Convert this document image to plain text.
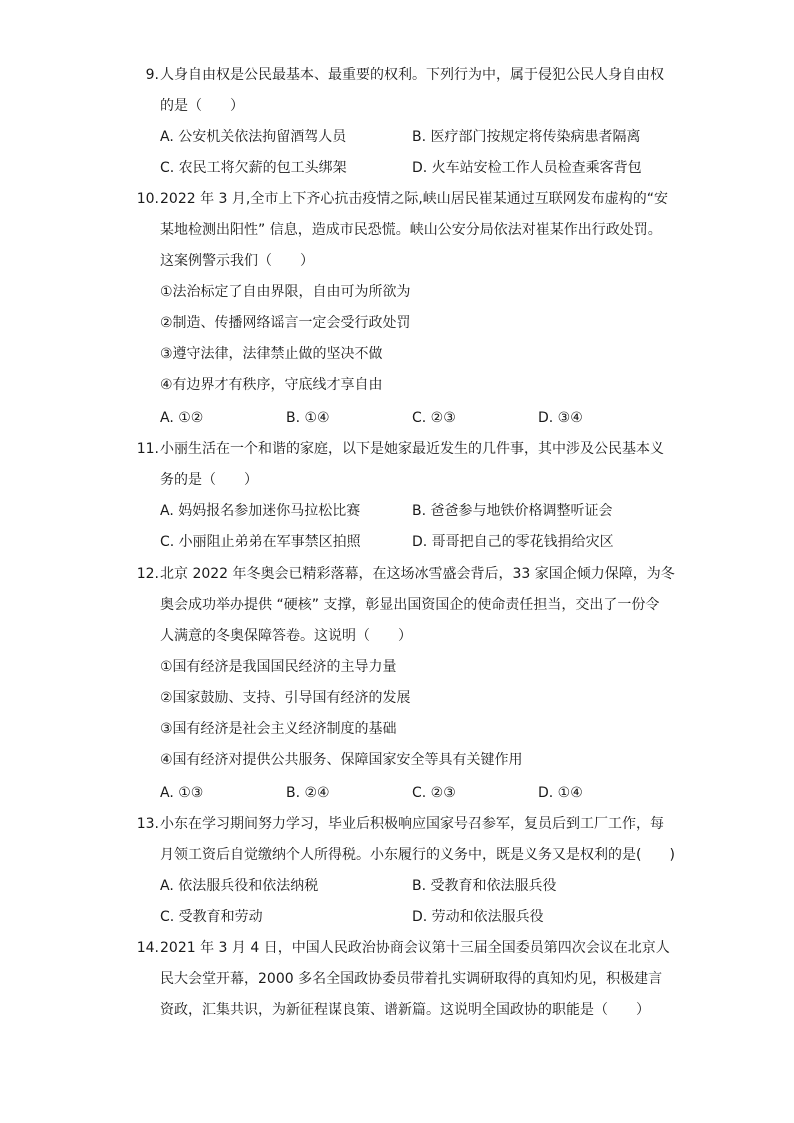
9. 人身自由权是公民最基本、最重要的权利。下列行为中，属于侵犯公民人身自由权
的是（　　）
A. 公安机关依法拘留酒驾人员	B. 医疗部门按规定将传染病患者隔离
C. 农民工将欠薪的包工头绑架	D. 火车站安检工作人员检查乘客背包
10. 2022 年 3 月,全市上下齐心抗击疫情之际,峡山居民崔某通过互联网发布虚构的“安
某地检测出阳性” 信息，造成市民恐慌。峡山公安分局依法对崔某作出行政处罚。
这案例警示我们（　　）
①法治标定了自由界限，自由可为所欲为
②制造、传播网络谣言一定会受行政处罚
③遵守法律，法律禁止做的坚决不做
④有边界才有秩序，守底线才享自由
A. ①②	B. ①④	C. ②③	D. ③④
11. 小丽生活在一个和谐的家庭，以下是她家最近发生的几件事，其中涉及公民基本义
务的是（　　）
A. 妈妈报名参加迷你马拉松比赛	B. 爸爸参与地铁价格调整听证会
C. 小丽阻止弟弟在军事禁区拍照	D. 哥哥把自己的零花钱捐给灾区
12. 北京 2022 年冬奥会已精彩落幕，在这场冰雪盛会背后，33 家国企倾力保障，为冬
奥会成功举办提供 “硬核” 支撑，彰显出国资国企的使命责任担当，交出了一份令
人满意的冬奥保障答卷。这说明（　　）
①国有经济是我国国民经济的主导力量
②国家鼓励、支持、引导国有经济的发展
③国有经济是社会主义经济制度的基础
④国有经济对提供公共服务、保障国家安全等具有关键作用
A. ①③	B. ②④	C. ②③	D. ①④
13. 小东在学习期间努力学习，毕业后积极响应国家号召参军，复员后到工厂工作，每
月领工资后自觉缴纳个人所得税。小东履行的义务中，既是义务又是权利的是(　　)
A. 依法服兵役和依法纳税	B. 受教育和依法服兵役
C. 受教育和劳动	D. 劳动和依法服兵役
14. 2021 年 3 月 4 日，中国人民政治协商会议第十三届全国委员第四次会议在北京人
民大会堂开幕，2000 多名全国政协委员带着扎实调研取得的真知灼见，积极建言
资政，汇集共识，为新征程谋良策、谱新篇。这说明全国政协的职能是（　　）
